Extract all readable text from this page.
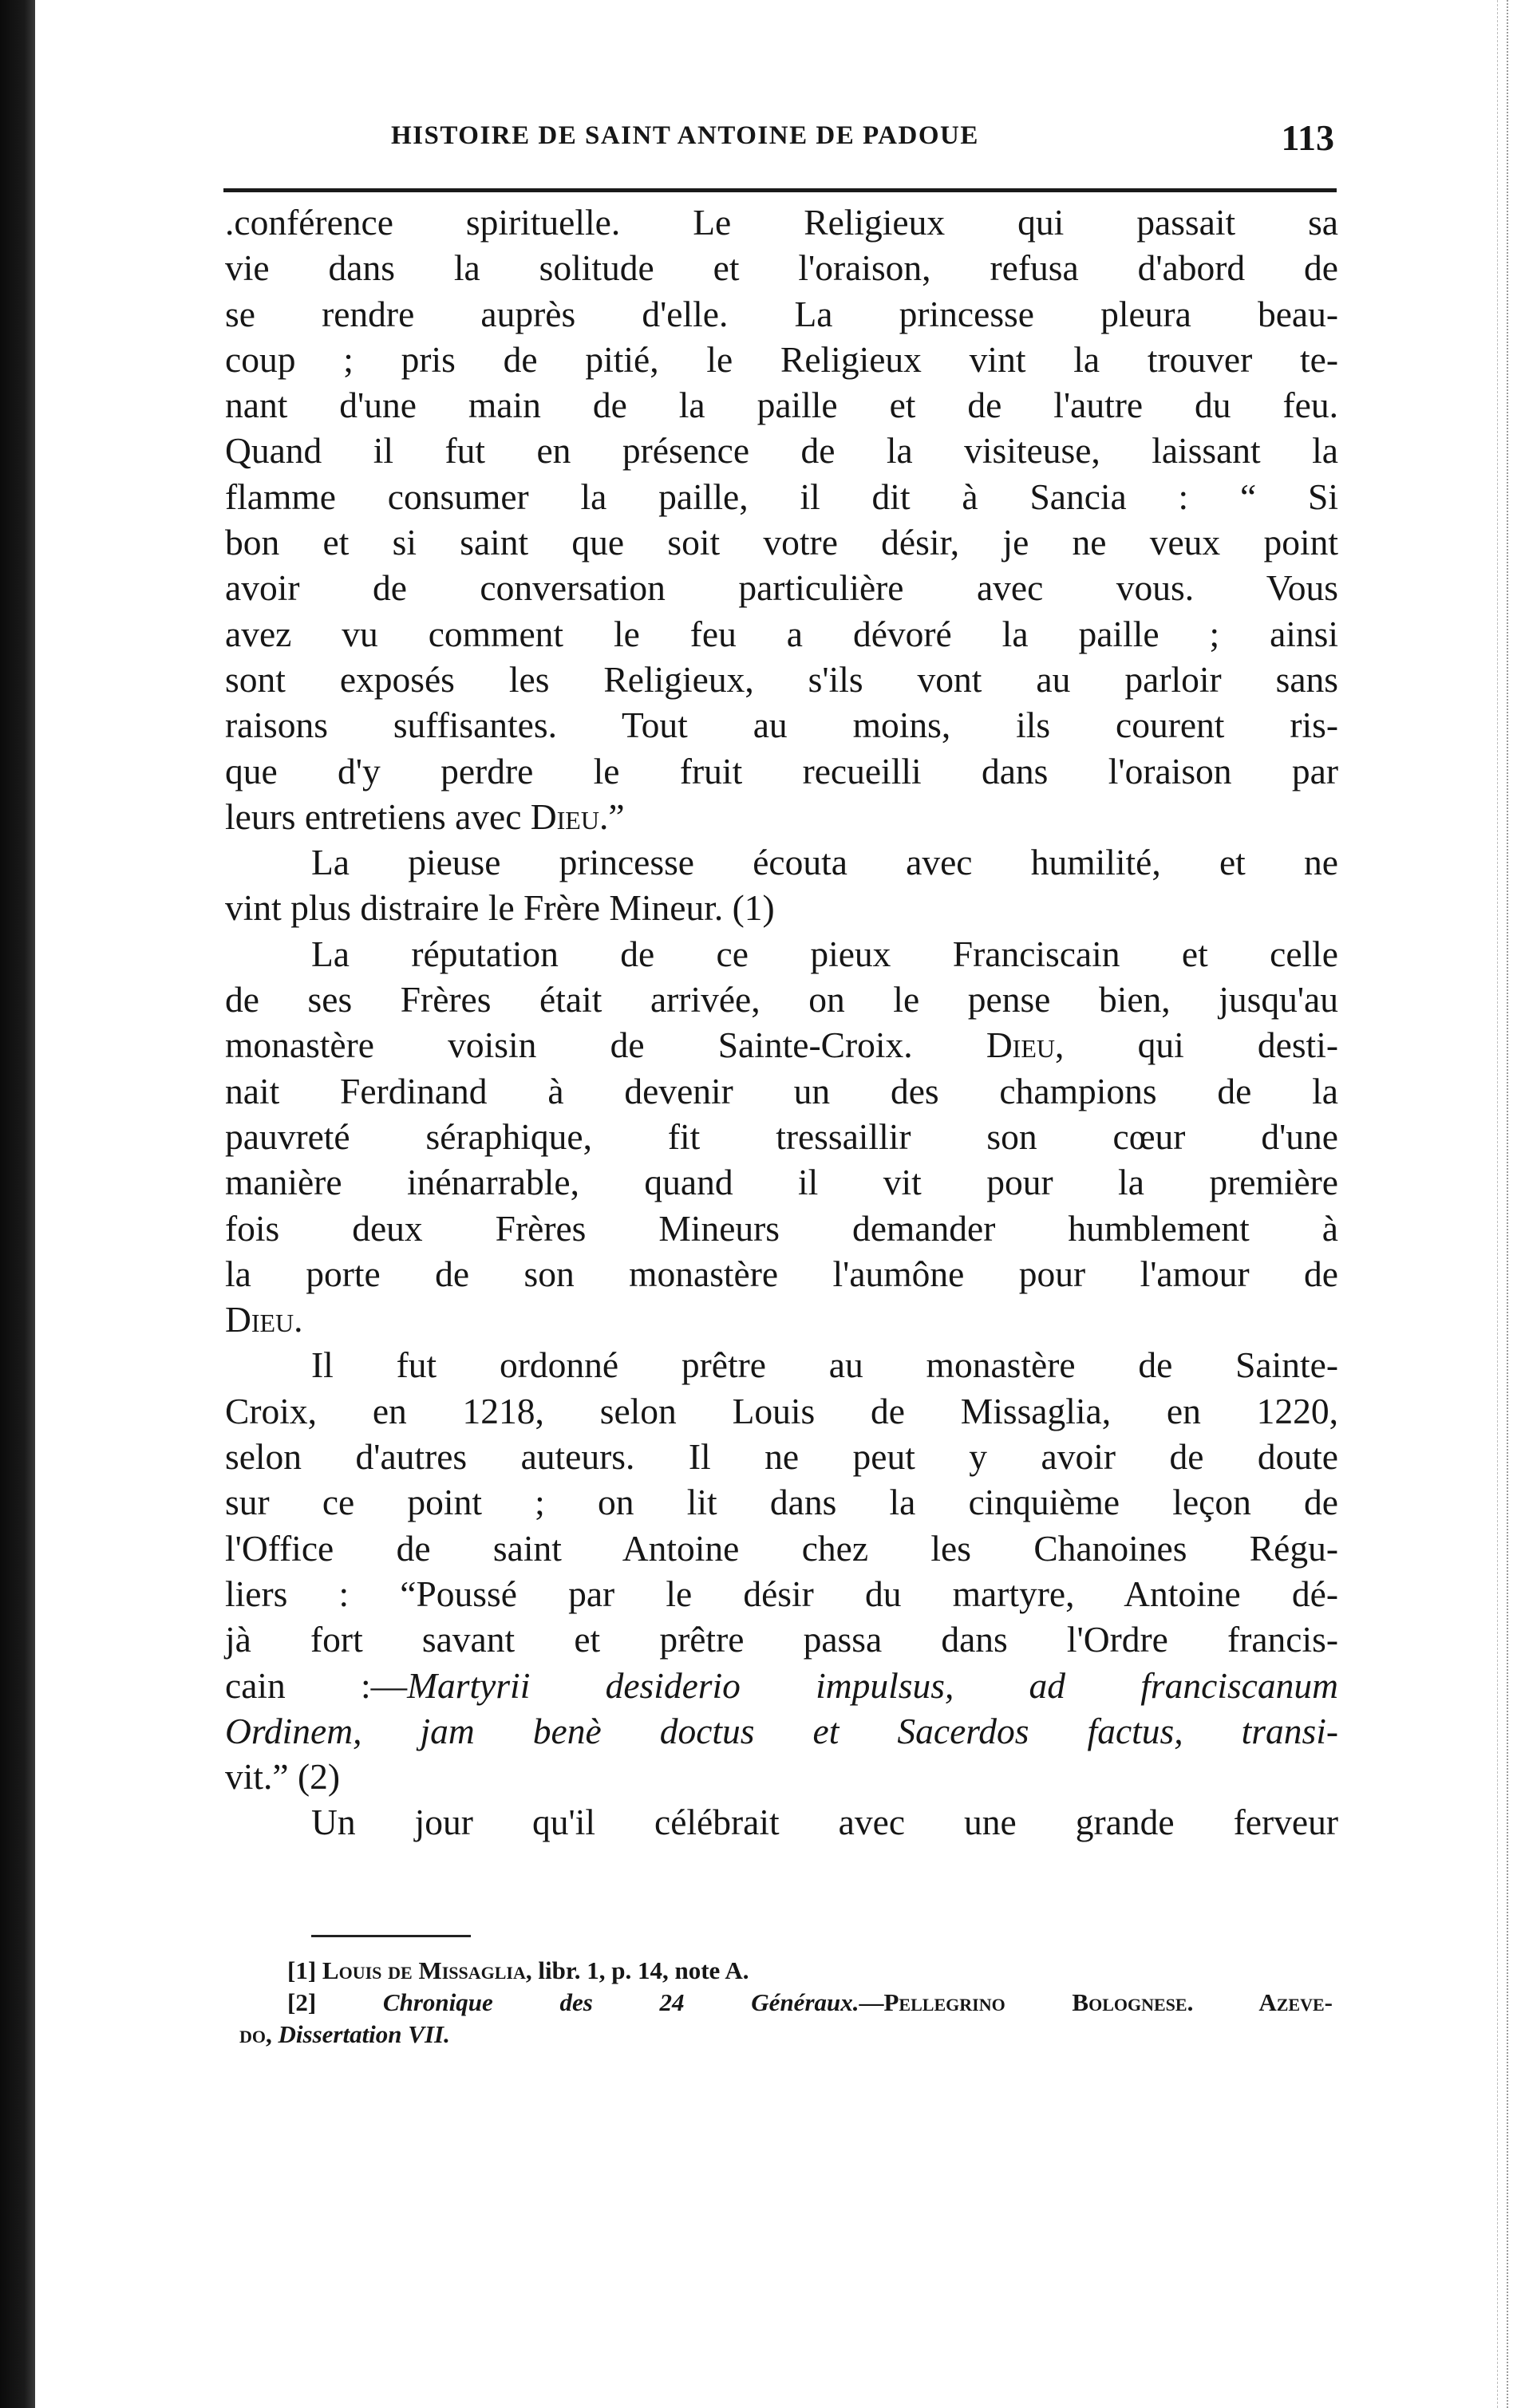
HISTOIRE DE SAINT ANTOINE DE PADOUE	113
.conférence spirituelle. Le Religieux qui passait sa
vie dans la solitude et l'oraison, refusa d'abord de
se rendre auprès d'elle. La princesse pleura beau-
coup ; pris de pitié, le Religieux vint la trouver te-
nant d'une main de la paille et de l'autre du feu.
Quand il fut en présence de la visiteuse, laissant la
flamme consumer la paille, il dit à Sancia : “ Si
bon et si saint que soit votre désir, je ne veux point
avoir de conversation particulière avec vous. Vous
avez vu comment le feu a dévoré la paille ; ainsi
sont exposés les Religieux, s'ils vont au parloir sans
raisons suffisantes. Tout au moins, ils courent ris-
que d'y perdre le fruit recueilli dans l'oraison par
leurs entretiens avec Dieu.”
La pieuse princesse écouta avec humilité, et ne
vint plus distraire le Frère Mineur. (1)
La réputation de ce pieux Franciscain et celle
de ses Frères était arrivée, on le pense bien, jusqu'au
monastère voisin de Sainte-Croix. Dieu, qui desti-
nait Ferdinand à devenir un des champions de la
pauvreté séraphique, fit tressaillir son cœur d'une
manière inénarrable, quand il vit pour la première
fois deux Frères Mineurs demander humblement à
la porte de son monastère l'aumône pour l'amour de
Dieu.
Il fut ordonné prêtre au monastère de Sainte-
Croix, en 1218, selon Louis de Missaglia, en 1220,
selon d'autres auteurs. Il ne peut y avoir de doute
sur ce point ; on lit dans la cinquième leçon de
l'Office de saint Antoine chez les Chanoines Régu-
liers : “Poussé par le désir du martyre, Antoine dé-
jà fort savant et prêtre passa dans l'Ordre francis-
cain :—Martyrii desiderio impulsus, ad franciscanum
Ordinem, jam benè doctus et Sacerdos factus, transi-
vit.” (2)
Un jour qu'il célébrait avec une grande ferveur
[1] Louis de Missaglia, libr. 1, p. 14, note A.
[2]	Chronique des 24 Généraux.—Pellegrino Bolognese. Azeve-
do, Dissertation VII.
